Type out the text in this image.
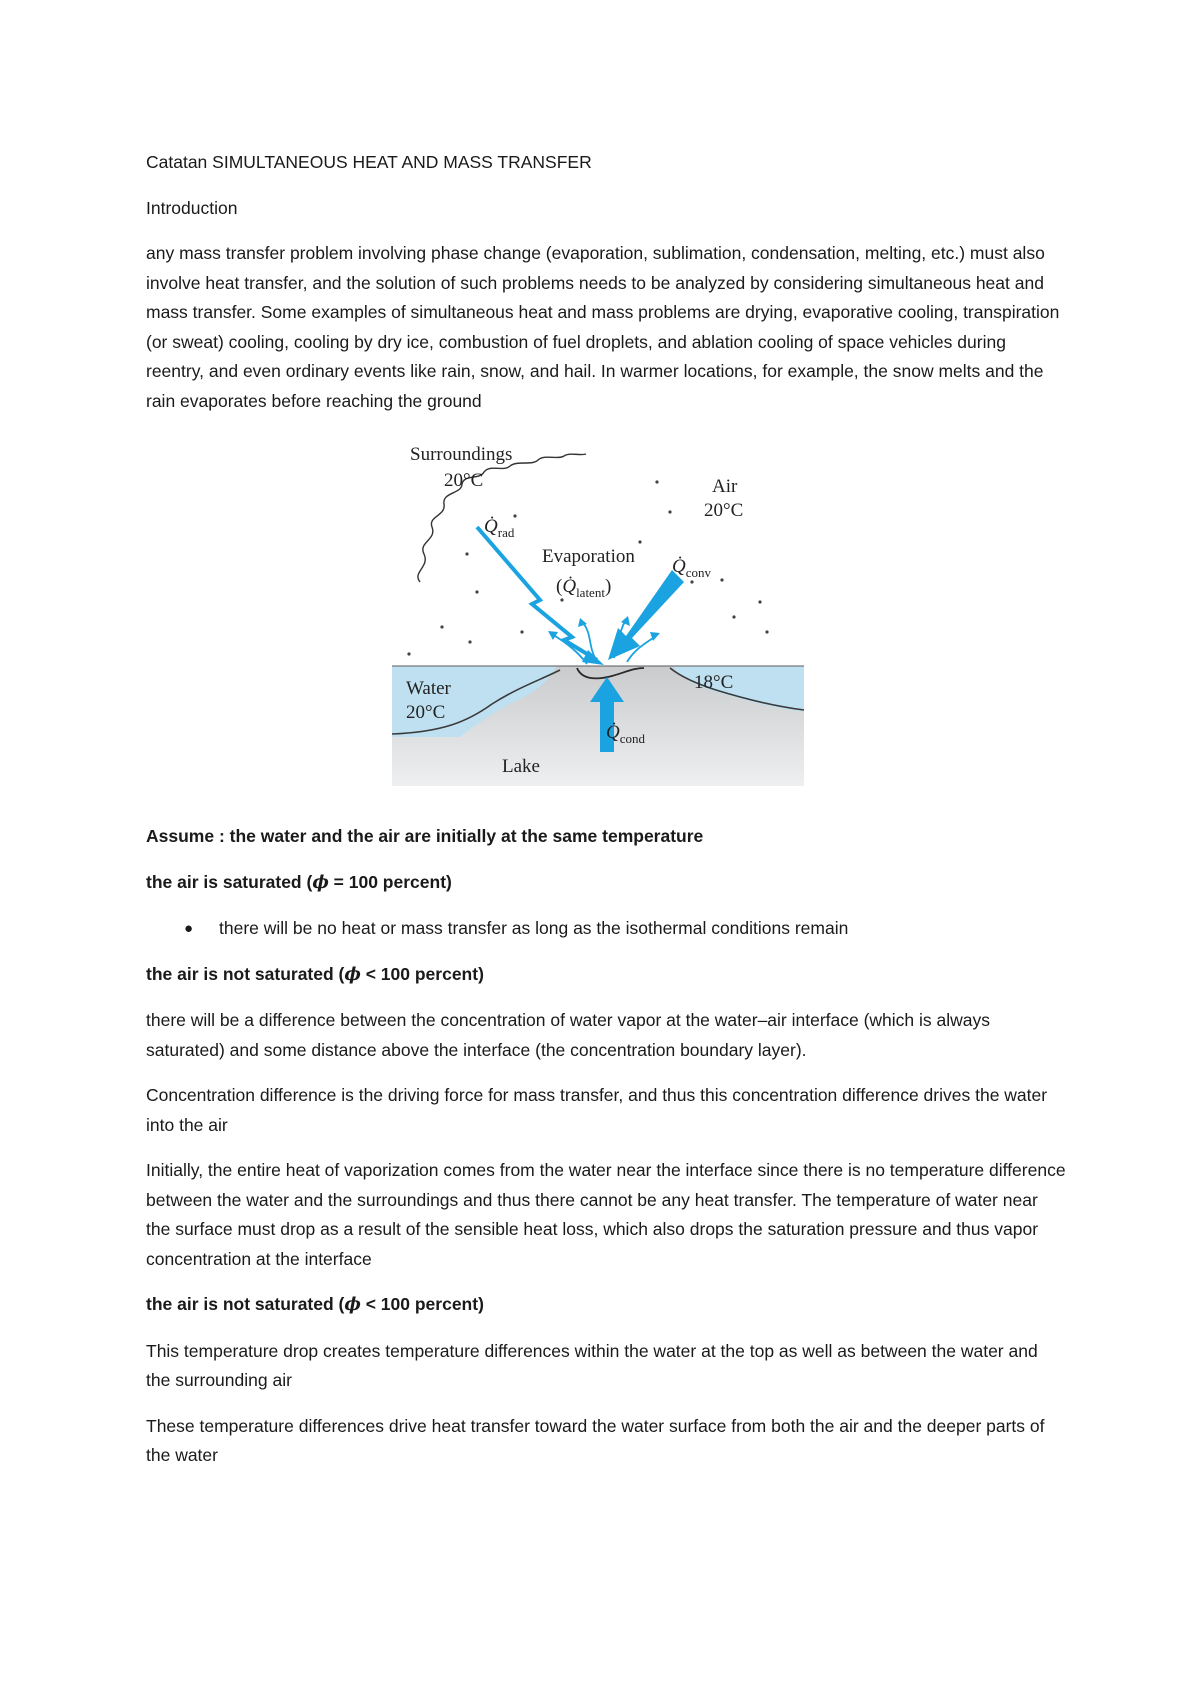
Catatan SIMULTANEOUS HEAT AND MASS TRANSFER
Introduction
any mass transfer problem involving phase change (evaporation, sublimation, condensation, melting, etc.) must also involve heat transfer, and the solution of such problems needs to be analyzed by considering simultaneous heat and mass transfer. Some examples of simultaneous heat and mass problems are drying, evaporative cooling, transpiration (or sweat) cooling, cooling by dry ice, combustion of fuel droplets, and ablation cooling of space vehicles during reentry, and even ordinary events like rain, snow, and hail. In warmer locations, for example, the snow melts and the rain evaporates before reaching the ground
Surroundings
20°C	Air
20°C
$Q̇_{rad}$
Evaporation
$(Q̇_{latent})$
$Q̇_{conv}$
Water
20°C
18°C
$Q̇_{cond}$
Lake
Assume : the water and the air are initially at the same temperature
the air is saturated (ϕ = 100 percent)
●	there will be no heat or mass transfer as long as the isothermal conditions remain
the air is not saturated (ϕ < 100 percent)
there will be a difference between the concentration of water vapor at the water–air interface (which is always saturated) and some distance above the interface (the concentration boundary layer).
Concentration difference is the driving force for mass transfer, and thus this concentration difference drives the water into the air
Initially, the entire heat of vaporization comes from the water near the interface since there is no temperature difference between the water and the surroundings and thus there cannot be any heat transfer. The temperature of water near the surface must drop as a result of the sensible heat loss, which also drops the saturation pressure and thus vapor concentration at the interface
the air is not saturated (ϕ < 100 percent)
This temperature drop creates temperature differences within the water at the top as well as between the water and the surrounding air
These temperature differences drive heat transfer toward the water surface from both the air and the deeper parts of the water
